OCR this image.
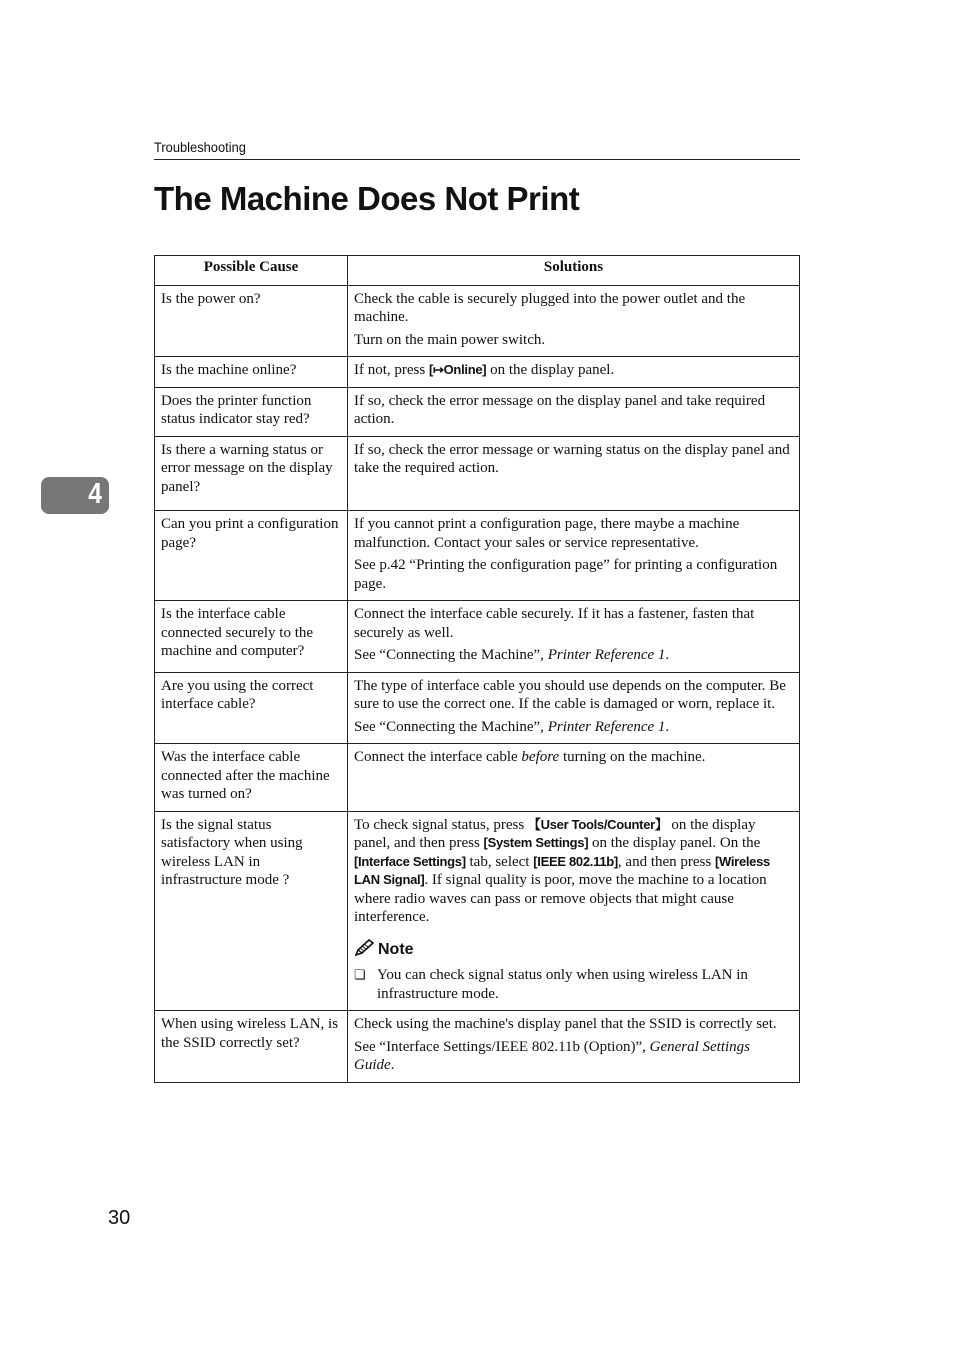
Troubleshooting
The Machine Does Not Print
4
Possible Cause	Solutions
Is the power on?	Check the cable is securely plugged into the power outlet and the machine.

Turn on the main power switch.

Is the machine online?	If not, press [↦Online] on the display panel.

Does the printer function status indicator stay red?	If so, check the error message on the display panel and take required action.

Is there a warning status or error message on the display panel?	If so, check the error message or warning status on the display panel and take the required action.

Can you print a configuration page?	If you cannot print a configuration page, there maybe a machine malfunction. Contact your sales or service representative.

See p.42 “Printing the configuration page” for printing a configuration page.

Is the interface cable connected securely to the machine and computer?	Connect the interface cable securely. If it has a fastener, fasten that securely as well.

See “Connecting the Machine”, Printer Reference 1.

Are you using the correct interface cable?	The type of interface cable you should use depends on the computer. Be sure to use the correct one. If the cable is damaged or worn, replace it.

See “Connecting the Machine”, Printer Reference 1.

Was the interface cable connected after the machine was turned on?	Connect the interface cable before turning on the machine.

Is the signal status satisfactory when using wireless LAN in infrastructure mode ?	To check signal status, press 【User Tools/Counter】 on the display panel, and then press [System Settings] on the display panel. On the [Interface Settings] tab, select [IEEE 802.11b], and then press [Wireless LAN Signal]. If signal quality is poor, move the machine to a location where radio waves can pass or remove objects that might cause interference.

Note

❏ You can check signal status only when using wireless LAN in infrastructure mode.

When using wireless LAN, is the SSID correctly set?	Check using the machine's display panel that the SSID is correctly set.

See “Interface Settings/IEEE 802.11b (Option)”, General Settings Guide.

30
